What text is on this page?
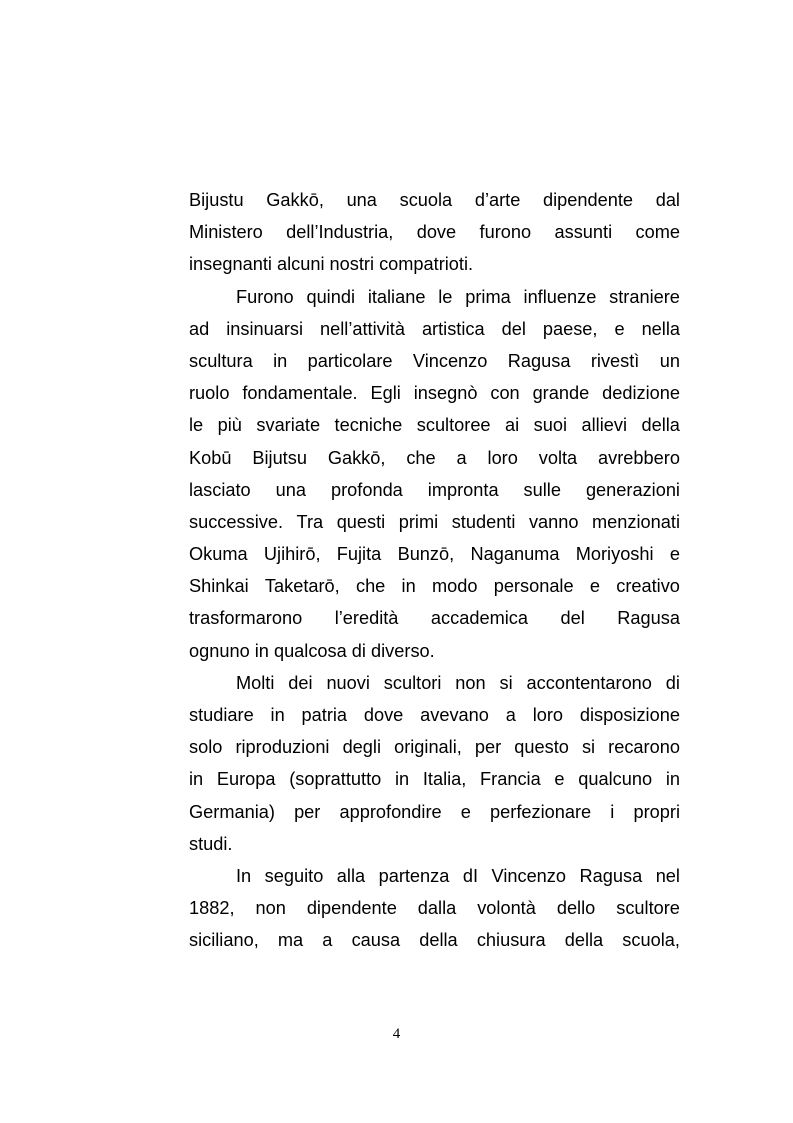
Bijustu Gakkō, una scuola d’arte dipendente dal
Ministero dell’Industria, dove furono assunti come
insegnanti alcuni nostri compatrioti.
Furono quindi italiane le prima influenze straniere
ad insinuarsi nell’attività artistica del paese, e nella
scultura in particolare Vincenzo Ragusa rivestì un
ruolo fondamentale. Egli insegnò con grande dedizione
le più svariate tecniche scultoree ai suoi allievi della
Kobū Bijutsu Gakkō, che a loro volta avrebbero
lasciato una profonda impronta sulle generazioni
successive. Tra questi primi studenti vanno menzionati
Okuma Ujihirō, Fujita Bunzō, Naganuma Moriyoshi e
Shinkai Taketarō, che in modo personale e creativo
trasformarono l’eredità accademica del Ragusa
ognuno in qualcosa di diverso.
Molti dei nuovi scultori non si accontentarono di
studiare in patria dove avevano a loro disposizione
solo riproduzioni degli originali, per questo si recarono
in Europa (soprattutto in Italia, Francia e qualcuno in
Germania) per approfondire e perfezionare i propri
studi.
In seguito alla partenza dI Vincenzo Ragusa nel
1882, non dipendente dalla volontà dello scultore
siciliano, ma a causa della chiusura della scuola,
4
